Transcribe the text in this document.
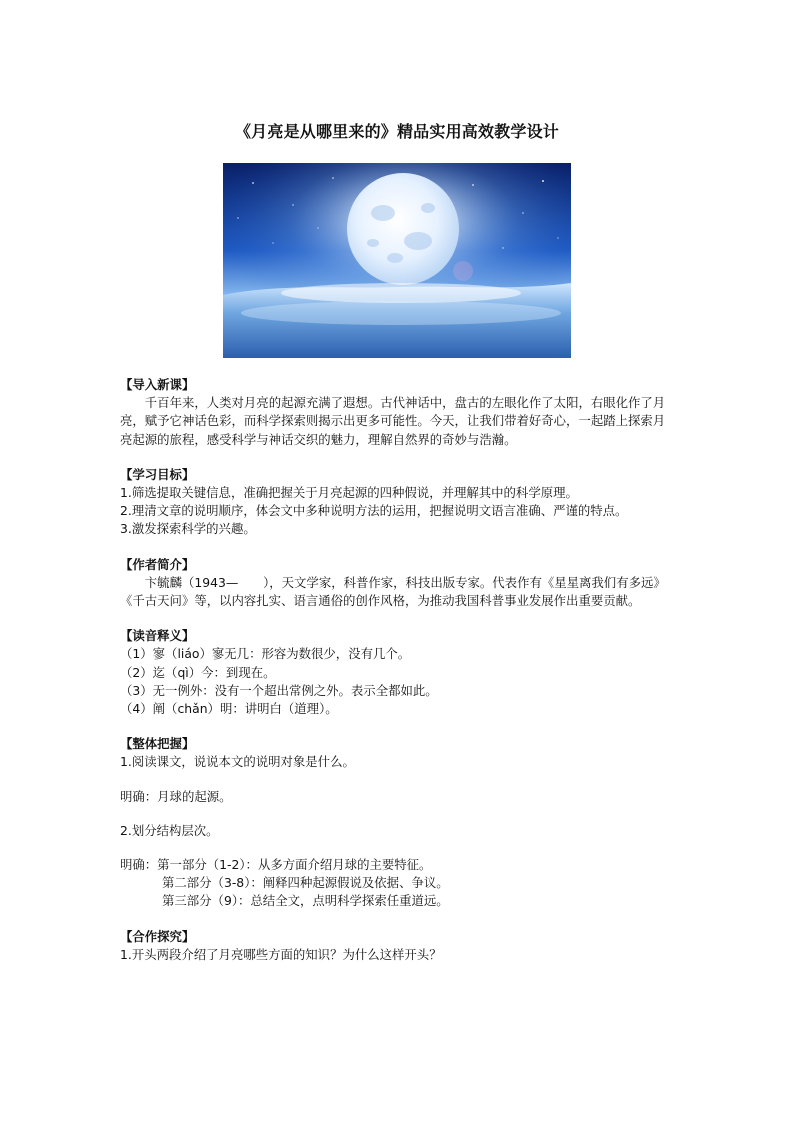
《月亮是从哪里来的》精品实用高效教学设计

【导入新课】

千百年来，人类对月亮的起源充满了遐想。古代神话中，盘古的左眼化作了太阳，右眼化作了月亮，赋予它神话色彩，而科学探索则揭示出更多可能性。今天，让我们带着好奇心，一起踏上探索月亮起源的旅程，感受科学与神话交织的魅力，理解自然界的奇妙与浩瀚。

【学习目标】

1.筛选提取关键信息，准确把握关于月亮起源的四种假说，并理解其中的科学原理。

2.理清文章的说明顺序，体会文中多种说明方法的运用，把握说明文语言准确、严谨的特点。

3.激发探索科学的兴趣。

【作者简介】

卞毓麟（1943—　　），天文学家，科普作家，科技出版专家。代表作有《星星离我们有多远》《千古天问》等，以内容扎实、语言通俗的创作风格，为推动我国科普事业发展作出重要贡献。

【读音释义】

（1）寥（liáo）寥无几：形容为数很少，没有几个。

（2）迄（qì）今：到现在。

（3）无一例外：没有一个超出常例之外。表示全都如此。

（4）阐（chǎn）明：讲明白（道理）。

【整体把握】

1.阅读课文，说说本文的说明对象是什么。

明确：月球的起源。

2.划分结构层次。

明确：第一部分（1-2）：从多方面介绍月球的主要特征。

第二部分（3-8）：阐释四种起源假说及依据、争议。

第三部分（9）：总结全文，点明科学探索任重道远。

【合作探究】

1.开头两段介绍了月亮哪些方面的知识？为什么这样开头？
